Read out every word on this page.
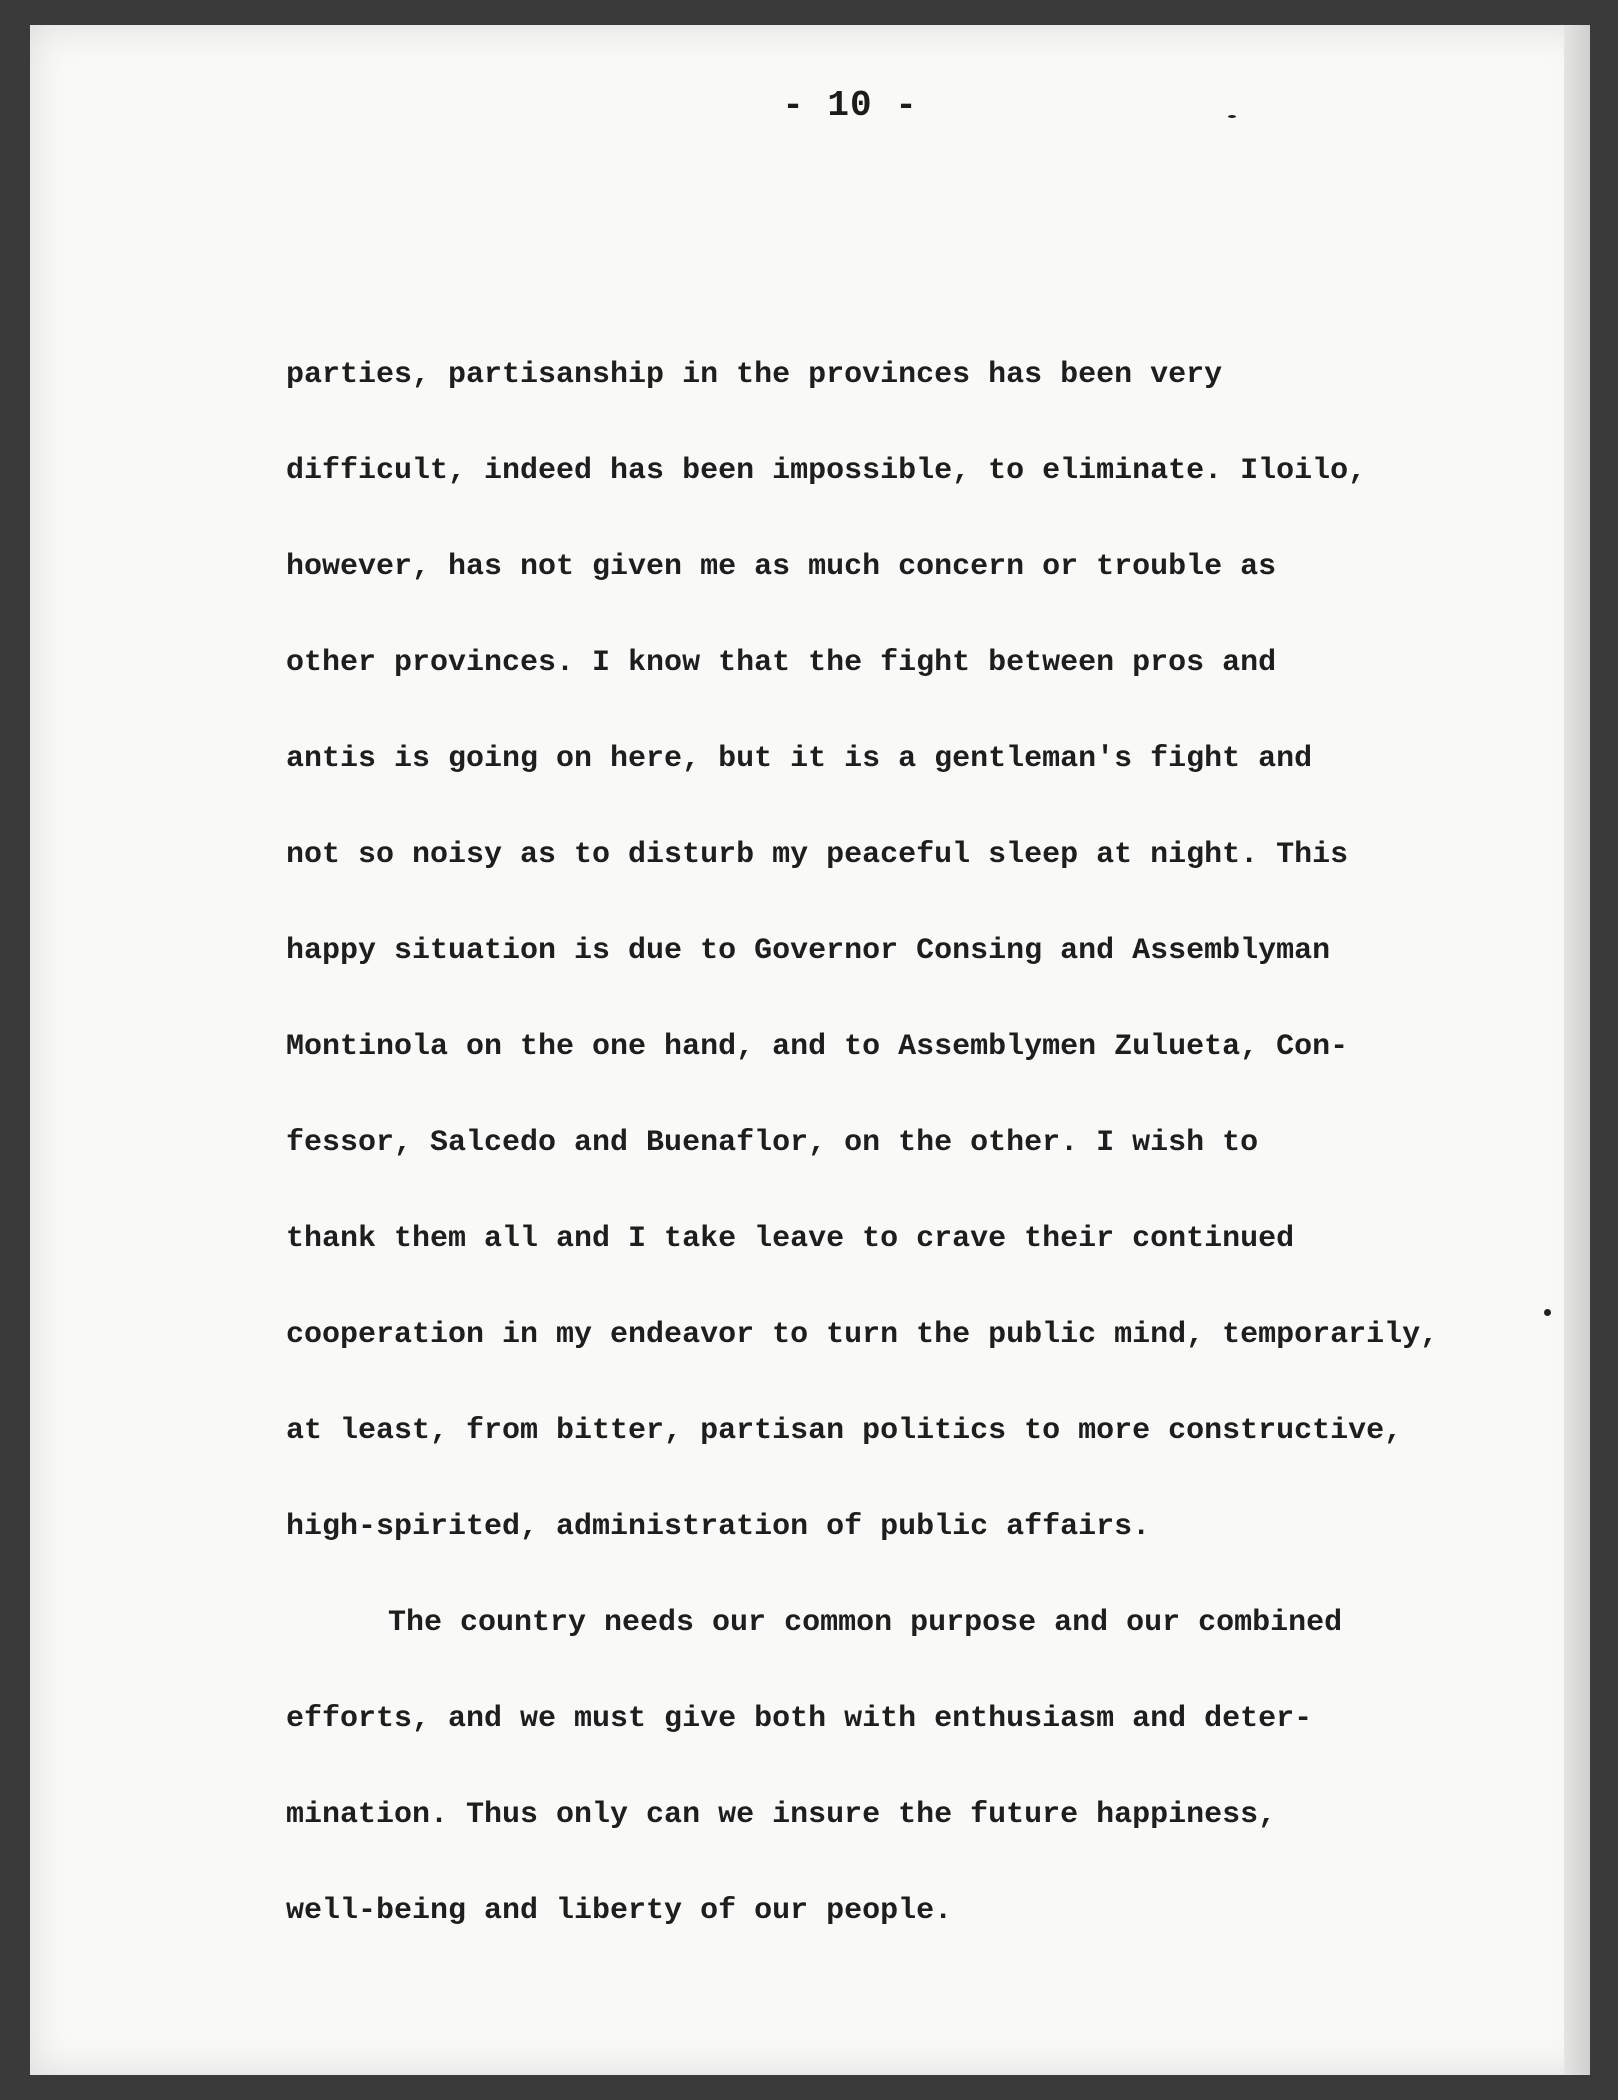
- 10 -
parties, partisanship in the provinces has been very
difficult, indeed has been impossible, to eliminate. Iloilo,
however, has not given me as much concern or trouble as
other provinces. I know that the fight between pros and
antis is going on here, but it is a gentleman's fight and
not so noisy as to disturb my peaceful sleep at night. This
happy situation is due to Governor Consing and Assemblyman
Montinola on the one hand, and to Assemblymen Zulueta, Con-
fessor, Salcedo and Buenaflor, on the other. I wish to
thank them all and I take leave to crave their continued
cooperation in my endeavor to turn the public mind, temporarily,
at least, from bitter, partisan politics to more constructive,
high-spirited, administration of public affairs.
The country needs our common purpose and our combined
efforts, and we must give both with enthusiasm and deter-
mination. Thus only can we insure the future happiness,
well-being and liberty of our people.
